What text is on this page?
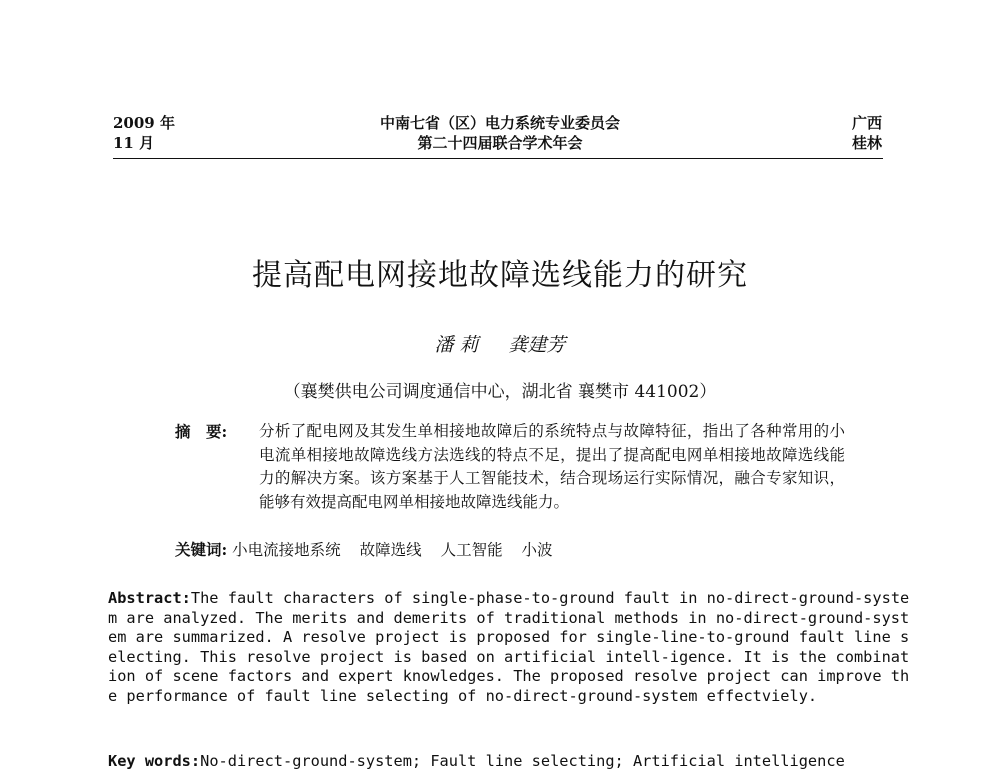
2009 年
11 月
中南七省（区）电力系统专业委员会
第二十四届联合学术年会
广西
桂林
提高配电网接地故障选线能力的研究
潘 莉 龚建芳
（襄樊供电公司调度通信中心，湖北省 襄樊市 441002）
摘　要: 分析了配电网及其发生单相接地故障后的系统特点与故障特征，指出了各种常用的小电流单相接地故障选线方法选线的特点不足，提出了提高配电网单相接地故障选线能力的解决方案。该方案基于人工智能技术，结合现场运行实际情况，融合专家知识，能够有效提高配电网单相接地故障选线能力。
关键词: 小电流接地系统 故障选线 人工智能 小波
Abstract:The fault characters of single-phase-to-ground fault in no-direct-ground-system are analyzed. The merits and demerits of traditional methods in no-direct-ground-system are summarized. A resolve project is proposed for single-line-to-ground fault line selecting. This resolve project is based on artificial intell-igence. It is the combination of scene factors and expert knowledges. The proposed resolve project can improve the performance of fault line selecting of no-direct-ground-system effectviely.
Key words:No-direct-ground-system; Fault line selecting; Artificial intelligence
